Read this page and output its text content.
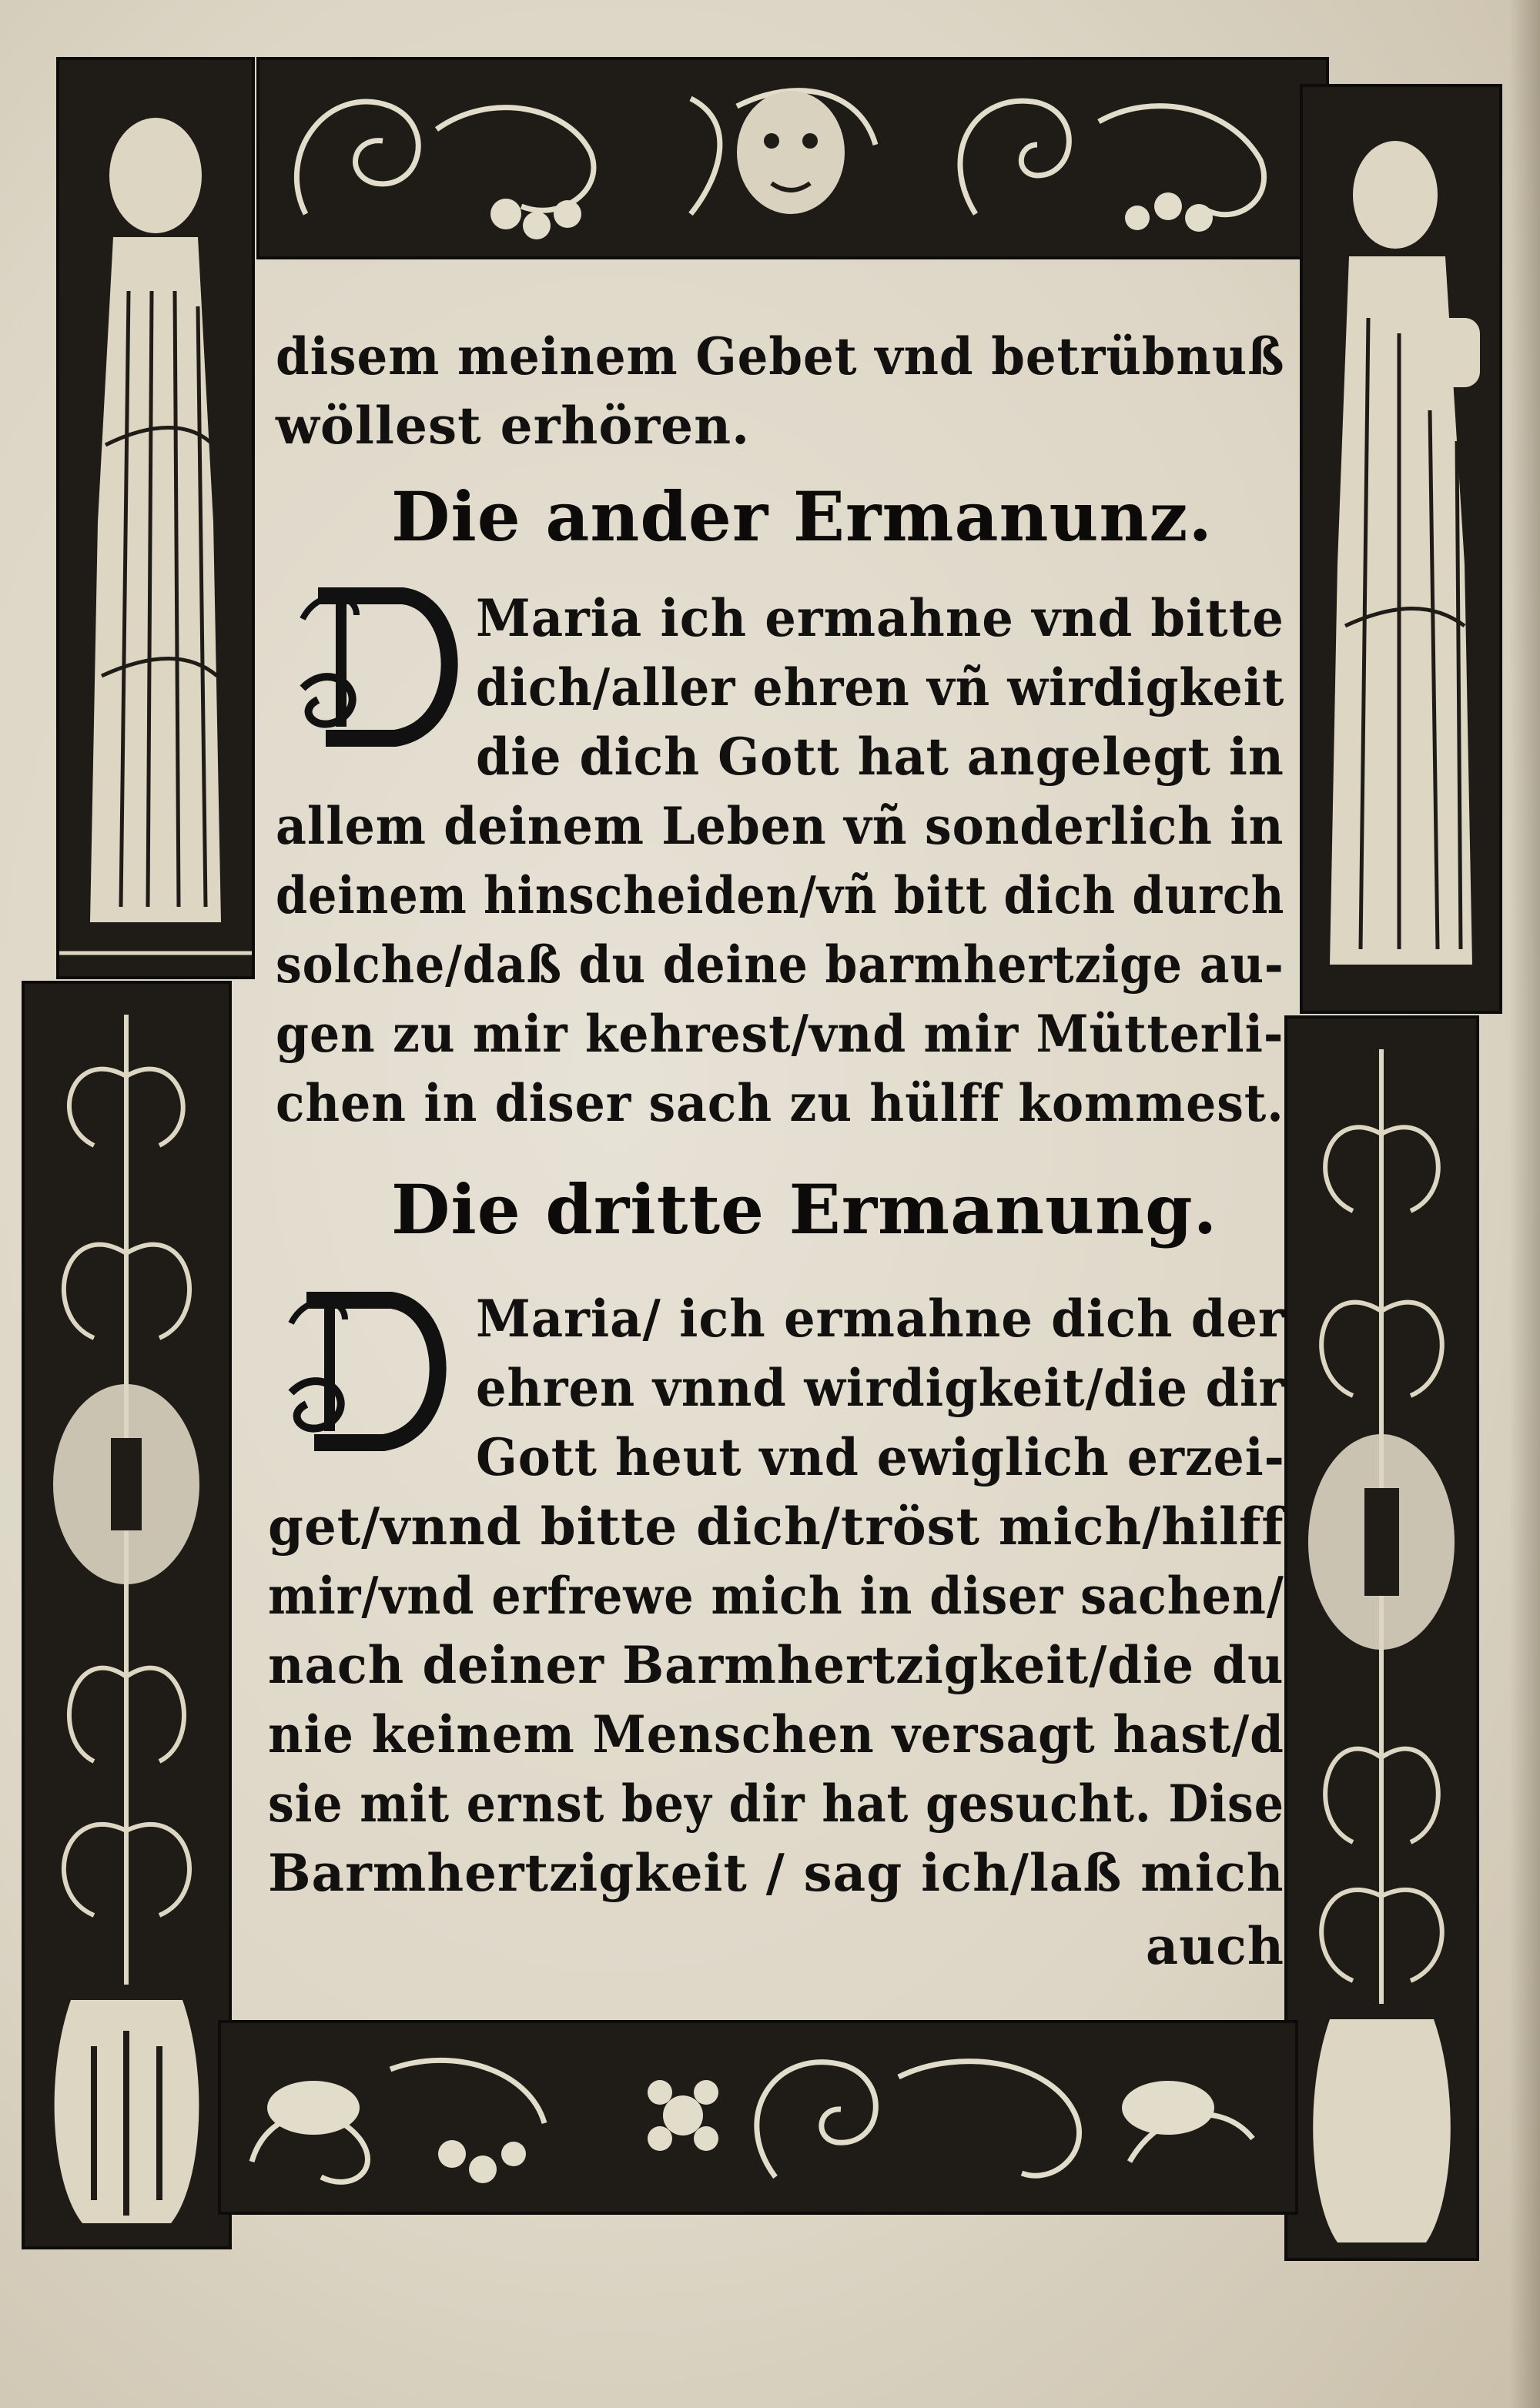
disem meinem Gebet vnd betrübnuß
wöllest erhören.
Die ander Ermanunz.
Maria ich ermahne vnd bitte
dich/aller ehren vñ wirdigkeit
die dich Gott hat angelegt in
allem deinem Leben vñ sonderlich in
deinem hinscheiden/vñ bitt dich durch
solche/daß du deine barmhertzige au-
gen zu mir kehrest/vnd mir Mütterli-
chen in diser sach zu hülff kommest.
Die dritte Ermanung.
Maria/ ich ermahne dich der
ehren vnnd wirdigkeit/die dir
Gott heut vnd ewiglich erzei-
get/vnnd bitte dich/tröst mich/hilff
mir/vnd erfrewe mich in diser sachen/
nach deiner Barmhertzigkeit/die du
nie keinem Menschen versagt hast/d
sie mit ernst bey dir hat gesucht. Dise
Barmhertzigkeit / sag ich/laß mich
auch
